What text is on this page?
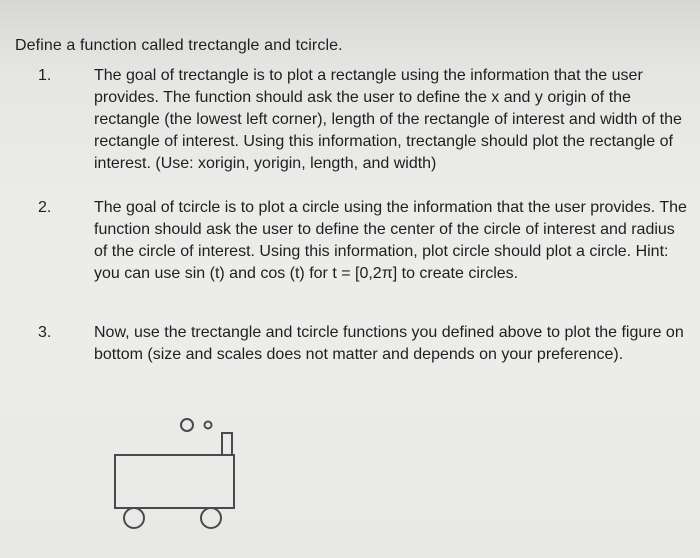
Define a function called trectangle and tcircle.
1.	The goal of trectangle is to plot a rectangle using the information that the user provides. The function should ask the user to define the x and y origin of the rectangle (the lowest left corner), length of the rectangle of interest and width of the rectangle of interest. Using this information, trectangle should plot the rectangle of interest. (Use: xorigin, yorigin, length, and width)

2.	The goal of tcircle is to plot a circle using the information that the user provides. The function should ask the user to define the center of the circle of interest and radius of the circle of interest. Using this information, plot circle should plot a circle. Hint: you can use sin (t) and cos (t) for t = [0,2π] to create circles.

3.	Now, use the trectangle and tcircle functions you defined above to plot the figure on bottom (size and scales does not matter and depends on your preference).
